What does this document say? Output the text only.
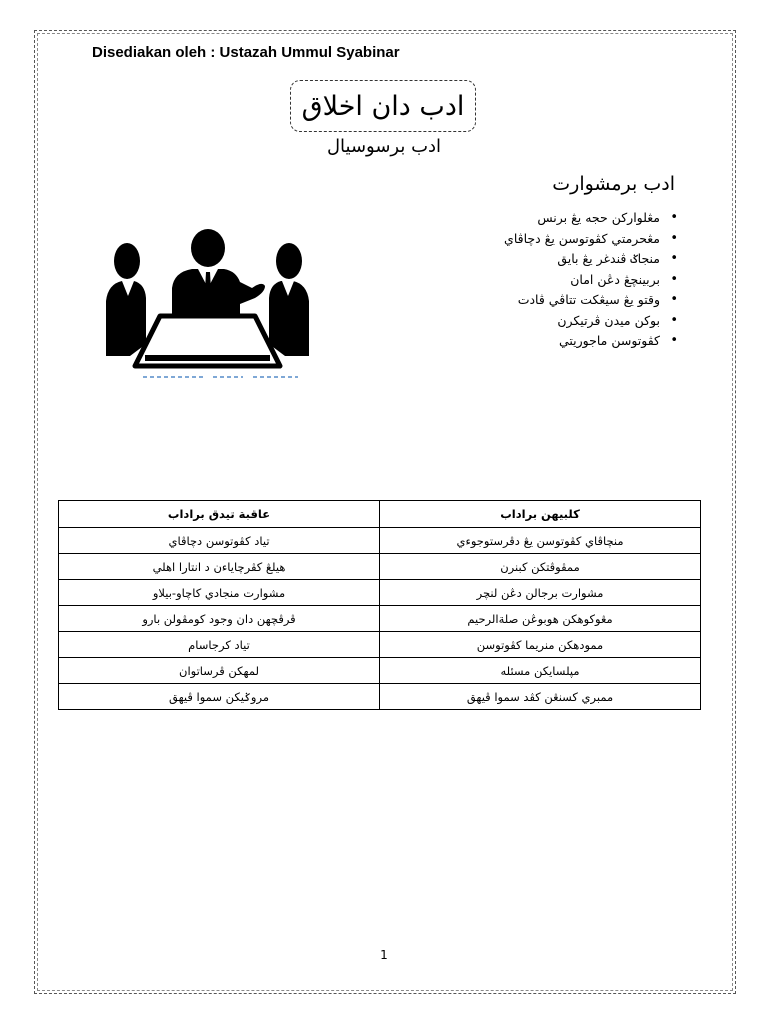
Disediakan oleh : Ustazah Ummul Syabinar
ادب دان اخلاق
ادب برسوسيال
ادب برمشوارت
• مڠلوارکن حجه يڠ برنس
• مڠحرمتي کڤوتوسن يڠ دچاڤاي
• منجاݢ ڤندغر يڠ بايق
• بربينچڠ دڠن امان
• وقتو يڠ سيڠکت تتاڤي ڤادت
• بوکن ميدن ڤرتيکرن
• کڤوتوسن ماجوريتي
کلبيهن براداب	عاقبة تيدق براداب
منچاڤاي کڤوتوسن يڠ دڤرستوجوءي	تياد کڤوتوسن دچاڤاي
ممڤوڤتکن کبنرن	هيلڠ کڤرچاياءن د انتارا اهلي
مشوارت برجالن دڠن لنچر	مشوارت منجادي کاچاو-بيلاو
مڠوکوهکن هوبوڠن صلةالرحيم	ڤرڤچهن دان وجود کومڤولن بارو
ممودهکن منريما کڤوتوسن	تياد کرجاسام
مڽلسايکن مسئله	لمهکن ڤرساتوان
ممبري کسنڠن کڤد سموا ڤيهق	مروݢيکن سموا ڤيهق
1
